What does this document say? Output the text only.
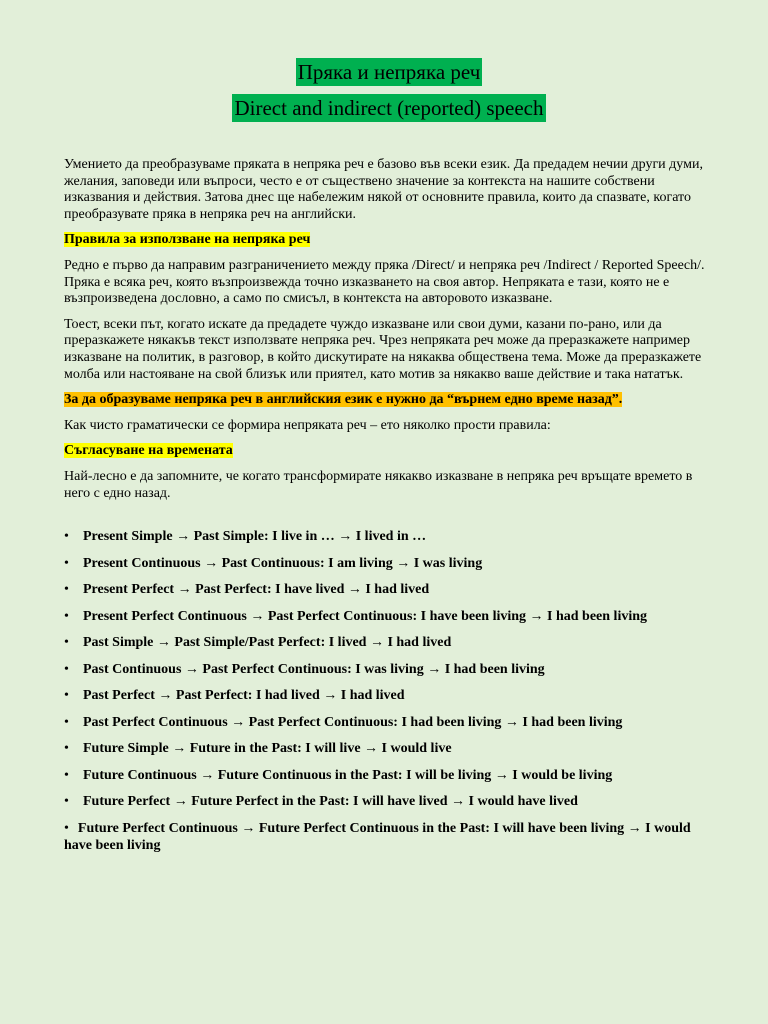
Пряка и непряка реч
Direct and indirect (reported) speech

Умението да преобразуваме пряката в непряка реч е базово във всеки език. Да предадем нечии други думи, желания, заповеди или въпроси, често е от съществено значение за контекста на нашите собствени изказвания и действия. Затова днес ще набележим някой от основните правила, които да спазвате, когато преобразувате пряка в непряка реч на английски.

Правила за използване на непряка реч

Редно е първо да направим разграничението между пряка /Direct/ и непряка реч /Indirect / Reported Speech/. Пряка е всяка реч, която възпроизвежда точно изказването на своя автор. Непряката е тази, която не е възпроизведена дословно, а само по смисъл, в контекста на авторовото изказване.

Тоест, всеки път, когато искате да предадете чуждо изказване или свои думи, казани по-рано, или да преразкажете някакъв текст използвате непряка реч. Чрез непряката реч може да преразкажете например изказване на политик, в разговор, в който дискутирате на някаква обществена тема. Може да преразкажете молба или настояване на свой близък или приятел, като мотив за някакво ваше действие и така нататък.

За да образуваме непряка реч в английския език е нужно да “върнем едно време назад”.

Как чисто граматически се формира непряката реч – ето няколко прости правила:

Съгласуване на времената

Най-лесно е да запомните, че когато трансформирате някакво изказване в непряка реч връщате времето в него с едно назад.

• Present Simple → Past Simple: I live in … → I lived in …
• Present Continuous → Past Continuous: I am living → I was living
• Present Perfect → Past Perfect: I have lived → I had lived
• Present Perfect Continuous → Past Perfect Continuous: I have been living → I had been living
• Past Simple → Past Simple/Past Perfect: I lived → I had lived
• Past Continuous → Past Perfect Continuous: I was living → I had been living
• Past Perfect → Past Perfect: I had lived → I had lived
• Past Perfect Continuous → Past Perfect Continuous: I had been living → I had been living
• Future Simple → Future in the Past: I will live → I would live
• Future Continuous → Future Continuous in the Past: I will be living → I would be living
• Future Perfect → Future Perfect in the Past: I will have lived → I would have lived
• Future Perfect Continuous → Future Perfect Continuous in the Past: I will have been living → I would have been living
